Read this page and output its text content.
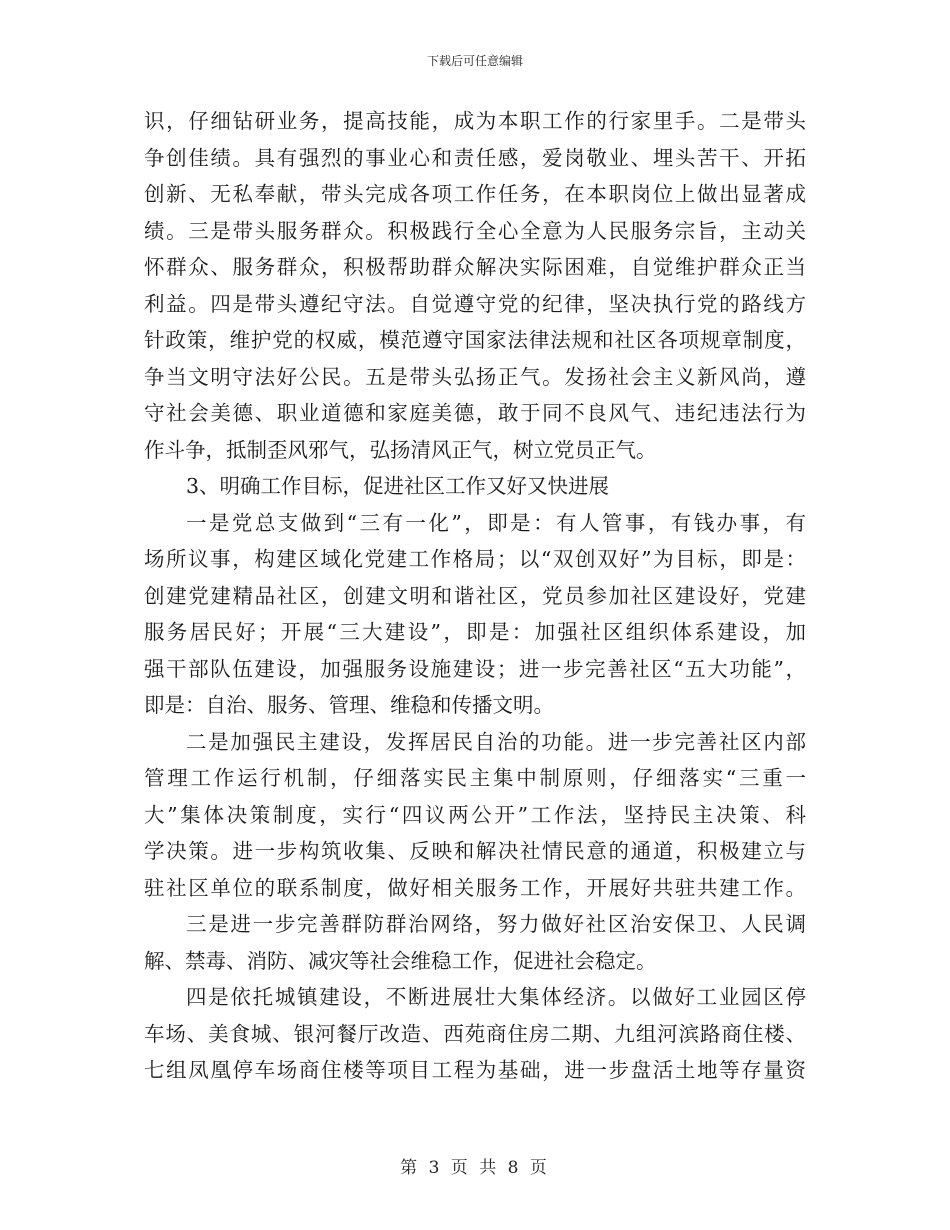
下载后可任意编辑
识，仔细钻研业务，提高技能，成为本职工作的行家里手。二是带头
争创佳绩。具有强烈的事业心和责任感，爱岗敬业、埋头苦干、开拓
创新、无私奉献，带头完成各项工作任务，在本职岗位上做出显著成
绩。三是带头服务群众。积极践行全心全意为人民服务宗旨，主动关
怀群众、服务群众，积极帮助群众解决实际困难，自觉维护群众正当
利益。四是带头遵纪守法。自觉遵守党的纪律，坚决执行党的路线方
针政策，维护党的权威，模范遵守国家法律法规和社区各项规章制度，
争当文明守法好公民。五是带头弘扬正气。发扬社会主义新风尚，遵
守社会美德、职业道德和家庭美德，敢于同不良风气、违纪违法行为
作斗争，抵制歪风邪气，弘扬清风正气，树立党员正气。
3、明确工作目标，促进社区工作又好又快进展
一是党总支做到“三有一化”，即是：有人管事，有钱办事，有
场所议事，构建区域化党建工作格局；以“双创双好”为目标，即是：
创建党建精品社区，创建文明和谐社区，党员参加社区建设好，党建
服务居民好；开展“三大建设”，即是：加强社区组织体系建设，加
强干部队伍建设，加强服务设施建设；进一步完善社区“五大功能”，
即是：自治、服务、管理、维稳和传播文明。
二是加强民主建设，发挥居民自治的功能。进一步完善社区内部
管理工作运行机制，仔细落实民主集中制原则，仔细落实“三重一
大”集体决策制度，实行“四议两公开”工作法，坚持民主决策、科
学决策。进一步构筑收集、反映和解决社情民意的通道，积极建立与
驻社区单位的联系制度，做好相关服务工作，开展好共驻共建工作。
三是进一步完善群防群治网络，努力做好社区治安保卫、人民调
解、禁毒、消防、减灾等社会维稳工作，促进社会稳定。
四是依托城镇建设，不断进展壮大集体经济。以做好工业园区停
车场、美食城、银河餐厅改造、西苑商住房二期、九组河滨路商住楼、
七组凤凰停车场商住楼等项目工程为基础，进一步盘活土地等存量资
第 3 页 共 8 页
